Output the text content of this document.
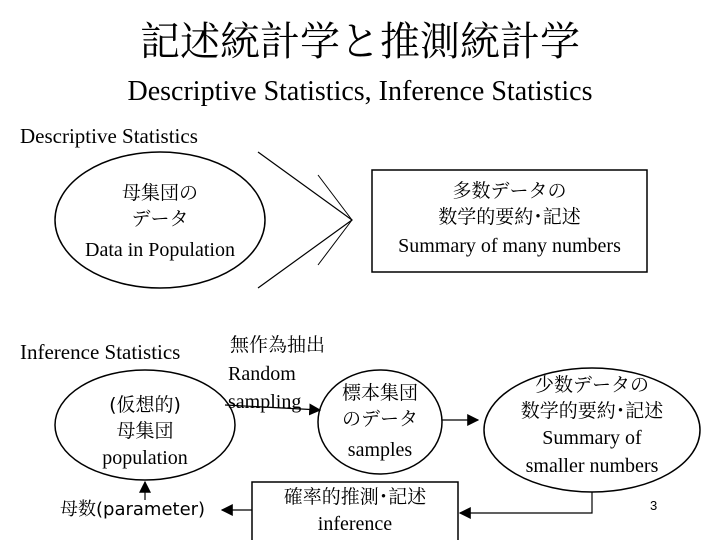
記述統計学と推測統計学
Descriptive Statistics, Inference Statistics
Descriptive Statistics
母集団の
データ
Data in Population
多数データの
数学的要約･記述
Summary of many numbers
Inference Statistics	無作為抽出
Random
sampling
(仮想的)
母集団
population
標本集団
のデータ
samples
少数データの
数学的要約･記述
Summary of
smaller numbers
母数(parameter)
確率的推測･記述
inference
3
